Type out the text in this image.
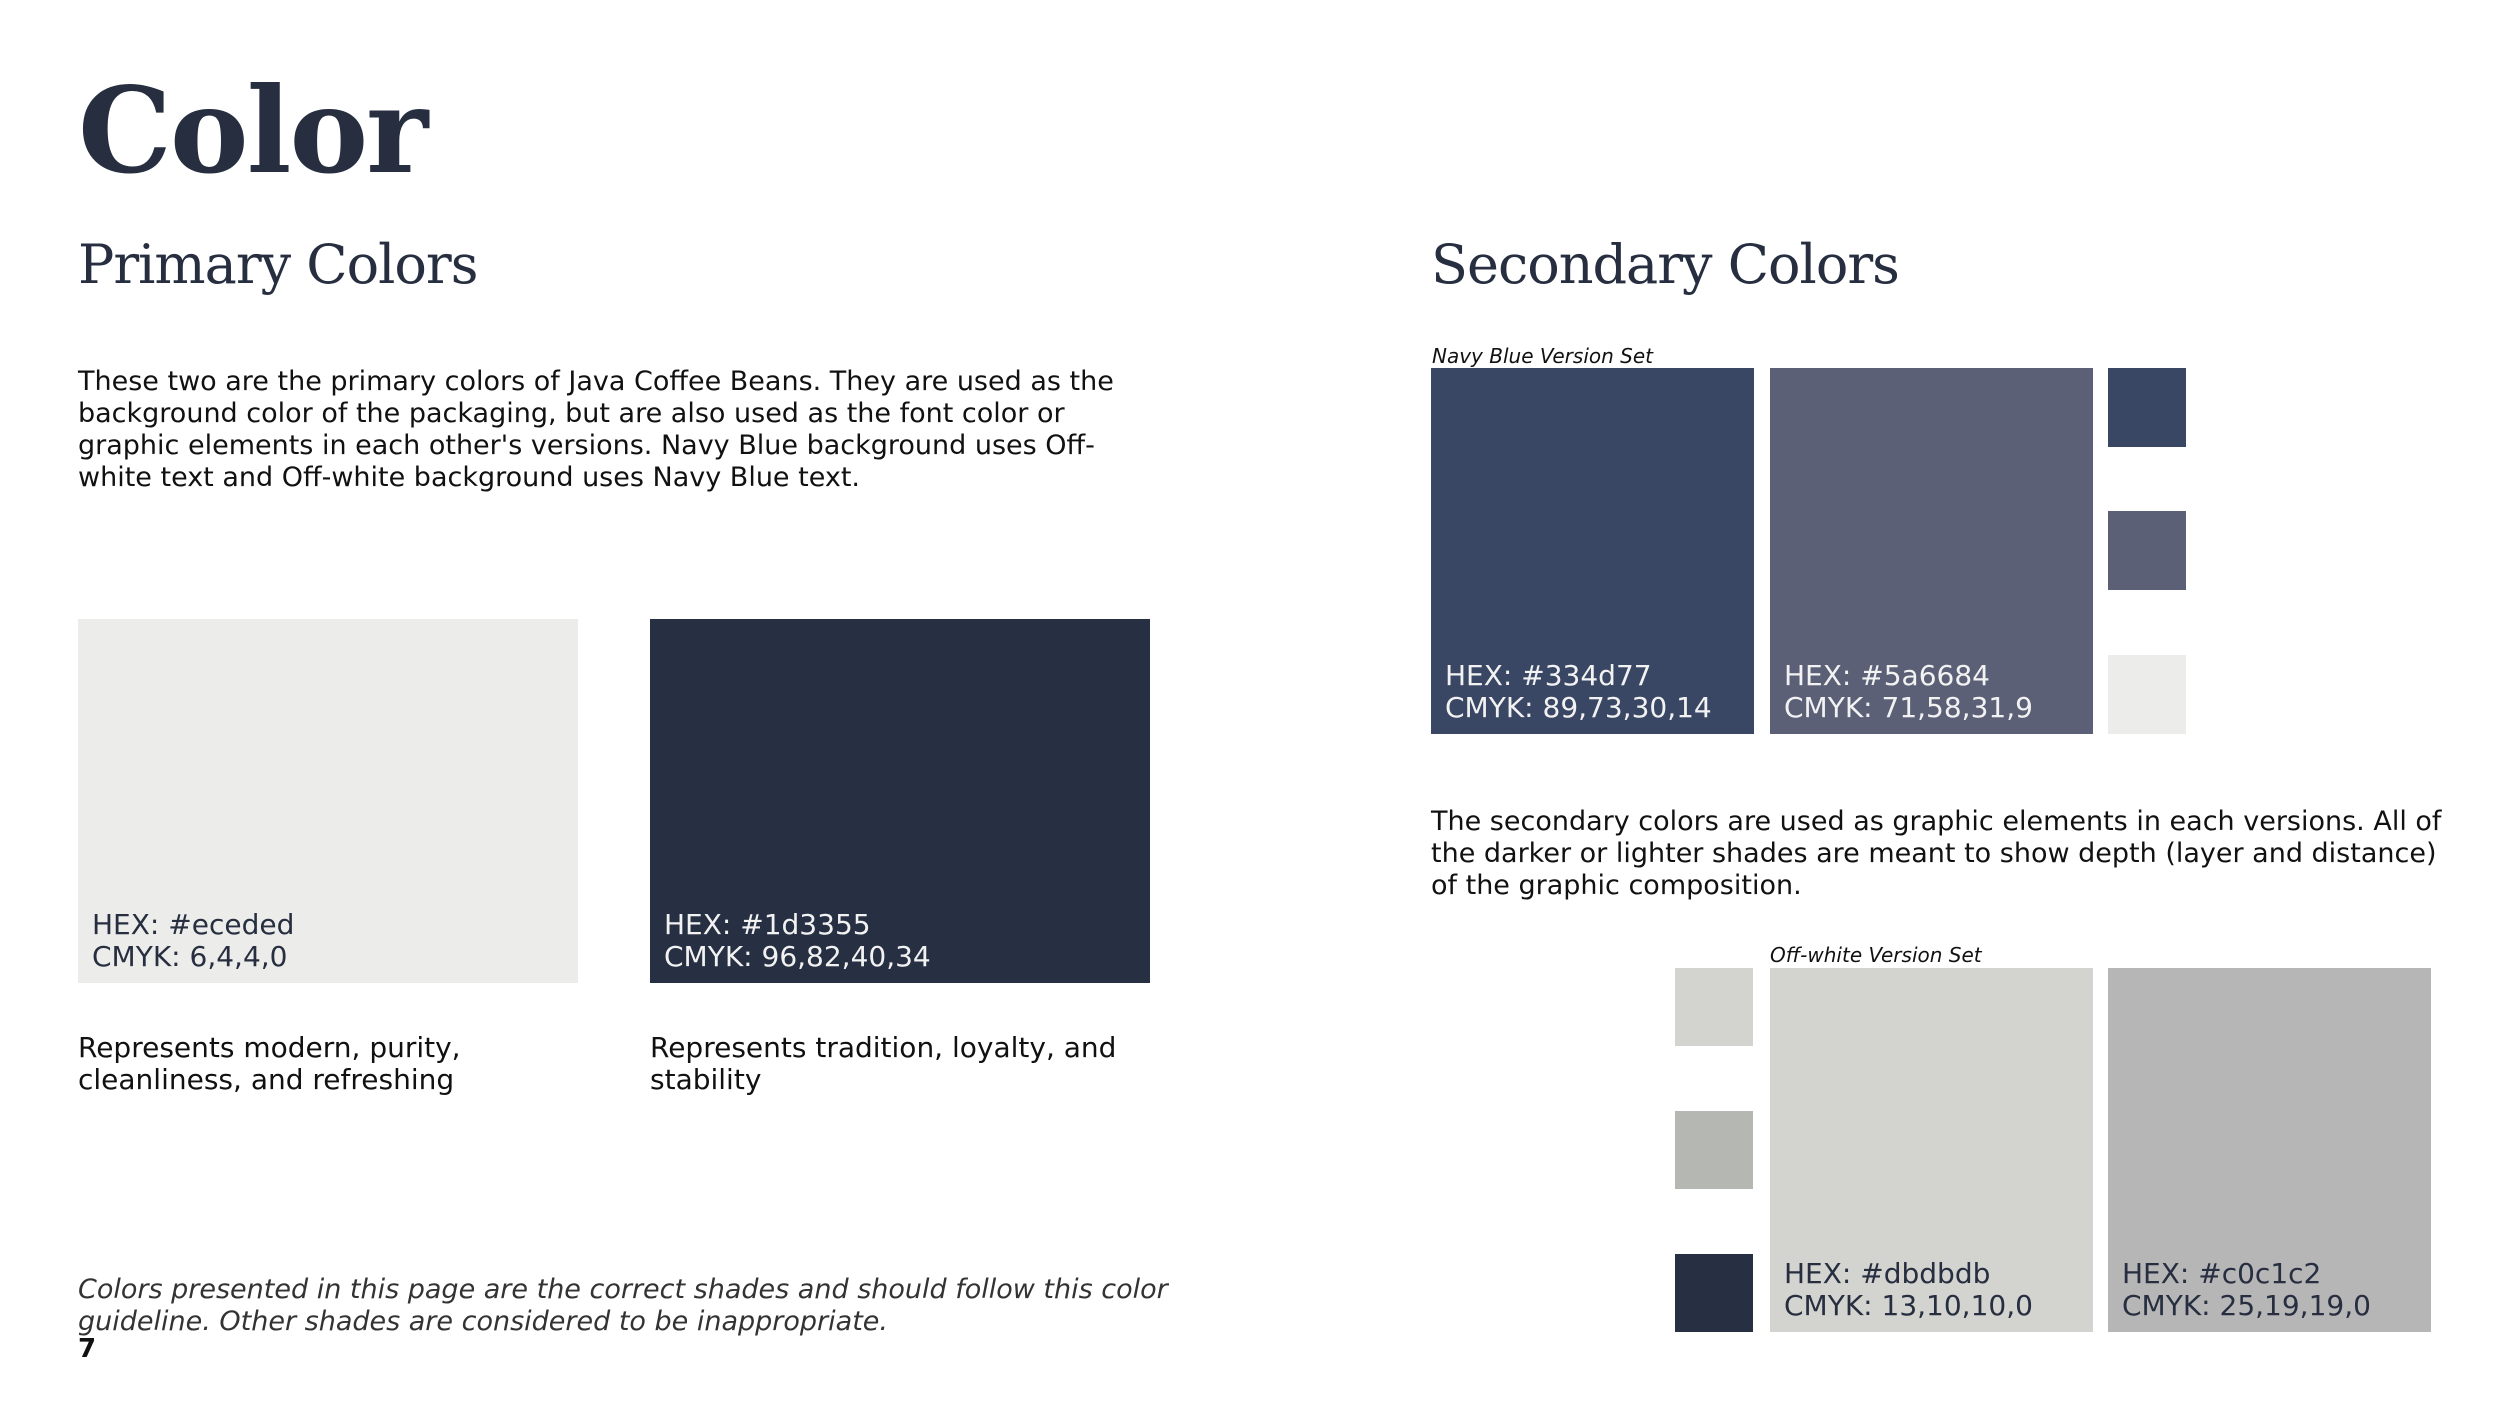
Color
Primary Colors
These two are the primary colors of Java Coffee Beans. They are used as the background color of the packaging, but are also used as the font color or graphic elements in each other's versions. Navy Blue background uses Off-white text and Off-white background uses Navy Blue text.
HEX: #eceded
CMYK: 6,4,4,0
HEX: #1d3355
CMYK: 96,82,40,34
Represents modern, purity, cleanliness, and refreshing
Represents tradition, loyalty, and stability
Colors presented in this page are the correct shades and should follow this color guideline. Other shades are considered to be inappropriate.
7
Secondary Colors
Navy Blue Version Set
HEX: #334d77
CMYK: 89,73,30,14
HEX: #5a6684
CMYK: 71,58,31,9
The secondary colors are used as graphic elements in each versions. All of the darker or lighter shades are meant to show depth (layer and distance) of the graphic composition.
Off-white Version Set
HEX: #dbdbdb
CMYK: 13,10,10,0
HEX: #c0c1c2
CMYK: 25,19,19,0
